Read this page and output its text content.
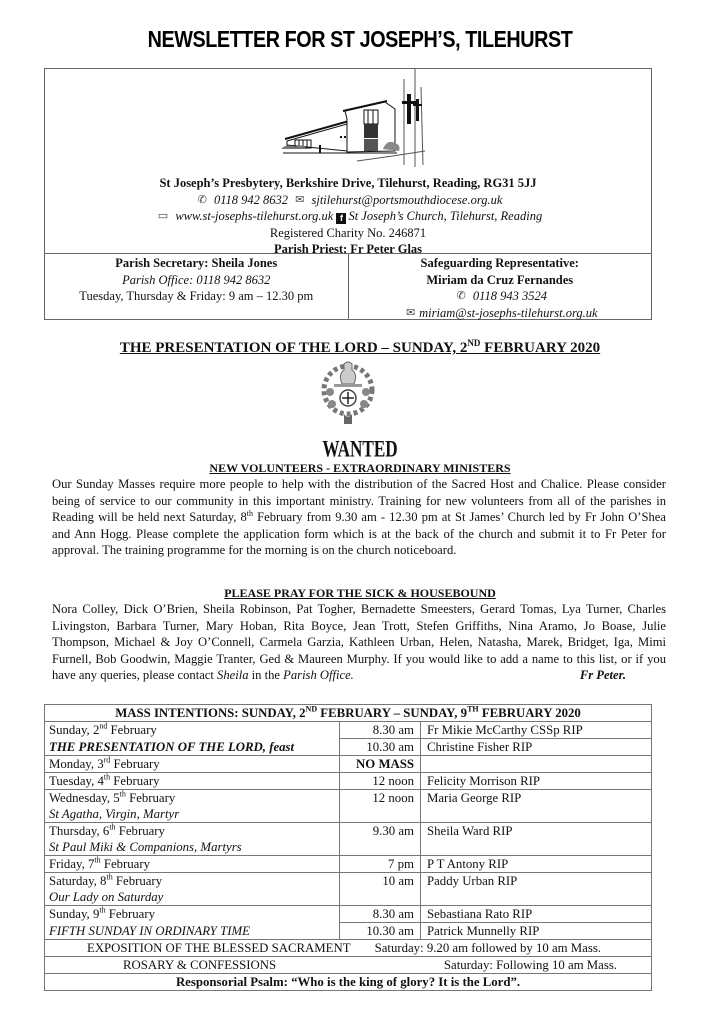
NEWSLETTER FOR ST JOSEPH’S, TILEHURST
St Joseph’s Presbytery, Berkshire Drive, Tilehurst, Reading, RG31 5JJ
✆ 0118 942 8632 ✉ sjtilehurst@portsmouthdiocese.org.uk
▭ www.st-josephs-tilehurst.org.uk f St Joseph’s Church, Tilehurst, Reading
Registered Charity No. 246871
Parish Priest: Fr Peter Glas
Parish Secretary: Sheila Jones
Parish Office: 0118 942 8632
Tuesday, Thursday & Friday: 9 am – 12.30 pm
Safeguarding Representative:
Miriam da Cruz Fernandes
✆ 0118 943 3524
✉ miriam@st-josephs-tilehurst.org.uk
THE PRESENTATION OF THE LORD – SUNDAY, 2ND FEBRUARY 2020
WANTED
NEW VOLUNTEERS - EXTRAORDINARY MINISTERS
Our Sunday Masses require more people to help with the distribution of the Sacred Host and Chalice. Please consider being of service to our community in this important ministry. Training for new volunteers from all of the parishes in Reading will be held next Saturday, 8th February from 9.30 am - 12.30 pm at St James’ Church led by Fr John O’Shea and Ann Hogg. Please complete the application form which is at the back of the church and submit it to Fr Peter for approval. The training programme for the morning is on the church noticeboard.
PLEASE PRAY FOR THE SICK & HOUSEBOUND
Nora Colley, Dick O’Brien, Sheila Robinson, Pat Togher, Bernadette Smeesters, Gerard Tomas, Lya Turner, Charles Livingston, Barbara Turner, Mary Hoban, Rita Boyce, Jean Trott, Stefen Griffiths, Nina Aramo, Jo Boase, Julie Thompson, Michael & Joy O’Connell, Carmela Garzia, Kathleen Urban, Helen, Natasha, Marek, Bridget, Iga, Mimi Furnell, Bob Goodwin, Maggie Tranter, Ged & Maureen Murphy. If you would like to add a name to this list, or if you have any queries, please contact Sheila in the Parish Office.	Fr Peter.
MASS INTENTIONS: SUNDAY, 2ND FEBRUARY – SUNDAY, 9TH FEBRUARY 2020		
Sunday, 2nd February	8.30 am	Fr Mikie McCarthy CSSp RIP
THE PRESENTATION OF THE LORD, feast	10.30 am	Christine Fisher RIP
Monday, 3rd February	NO MASS	
Tuesday, 4th February	12 noon	Felicity Morrison RIP
Wednesday, 5th February
St Agatha, Virgin, Martyr	12 noon	Maria George RIP
Thursday, 6th February
St Paul Miki & Companions, Martyrs	9.30 am	Sheila Ward RIP
Friday, 7th February	7 pm	P T Antony RIP
Saturday, 8th February
Our Lady on Saturday	10 am	Paddy Urban RIP
Sunday, 9th February	8.30 am	Sebastiana Rato RIP
FIFTH SUNDAY IN ORDINARY TIME	10.30 am	Patrick Munnelly RIP

EXPOSITION OF THE BLESSED SACRAMENT Saturday: 9.20 am followed by 10 am Mass.		

ROSARY & CONFESSIONS Saturday: Following 10 am Mass.		

Responsorial Psalm: “Who is the king of glory? It is the Lord”.		
